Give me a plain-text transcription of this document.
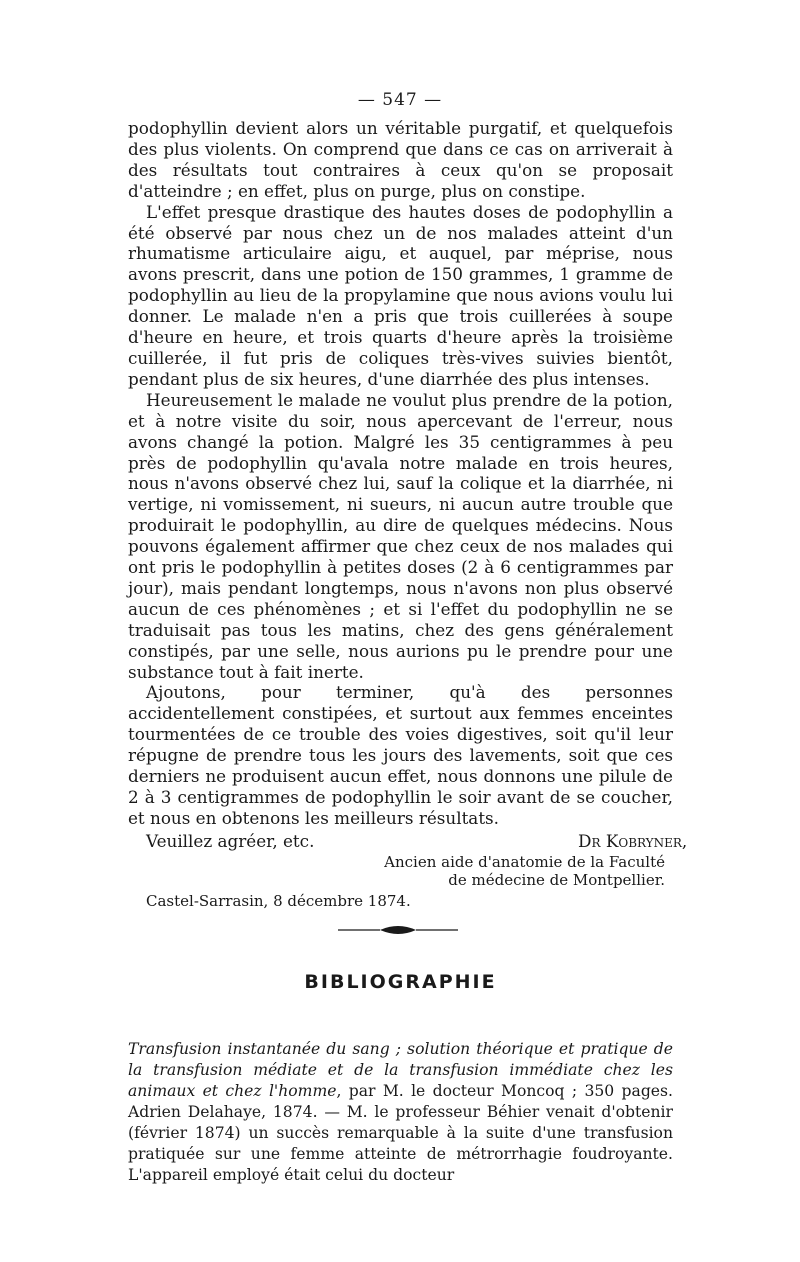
— 547 —

podophyllin devient alors un véritable purgatif, et quelquefois des plus violents. On comprend que dans ce cas on arriverait à des résultats tout contraires à ceux qu'on se proposait d'atteindre ; en effet, plus on purge, plus on constipe.

L'effet presque drastique des hautes doses de podophyllin a été observé par nous chez un de nos malades atteint d'un rhumatisme articulaire aigu, et auquel, par méprise, nous avons prescrit, dans une potion de 150 grammes, 1 gramme de podophyllin au lieu de la propylamine que nous avions voulu lui donner. Le malade n'en a pris que trois cuillerées à soupe d'heure en heure, et trois quarts d'heure après la troisième cuillerée, il fut pris de coliques très-vives suivies bientôt, pendant plus de six heures, d'une diarrhée des plus intenses.

Heureusement le malade ne voulut plus prendre de la potion, et à notre visite du soir, nous apercevant de l'erreur, nous avons changé la potion. Malgré les 35 centigrammes à peu près de podophyllin qu'avala notre malade en trois heures, nous n'avons observé chez lui, sauf la colique et la diarrhée, ni vertige, ni vomissement, ni sueurs, ni aucun autre trouble que produirait le podophyllin, au dire de quelques médecins. Nous pouvons également affirmer que chez ceux de nos malades qui ont pris le podophyllin à petites doses (2 à 6 centigrammes par jour), mais pendant longtemps, nous n'avons non plus observé aucun de ces phénomènes ; et si l'effet du podophyllin ne se traduisait pas tous les matins, chez des gens généralement constipés, par une selle, nous aurions pu le prendre pour une substance tout à fait inerte.

Ajoutons, pour terminer, qu'à des personnes accidentellement constipées, et surtout aux femmes enceintes tourmentées de ce trouble des voies digestives, soit qu'il leur répugne de prendre tous les jours des lavements, soit que ces derniers ne produisent aucun effet, nous donnons une pilule de 2 à 3 centigrammes de podophyllin le soir avant de se coucher, et nous en obtenons les meilleurs résultats.

Veuillez agréer, etc.	Dr Kobryner,
Ancien aide d'anatomie de la Faculté
de médecine de Montpellier.
Castel-Sarrasin, 8 décembre 1874.
BIBLIOGRAPHIE

Transfusion instantanée du sang ; solution théorique et pratique de la transfusion médiate et de la transfusion immédiate chez les animaux et chez l'homme, par M. le docteur Moncoq ; 350 pages. Adrien Delahaye, 1874. — M. le professeur Béhier venait d'obtenir (février 1874) un succès remarquable à la suite d'une transfusion pratiquée sur une femme atteinte de métrorrhagie foudroyante. L'appareil employé était celui du docteur
